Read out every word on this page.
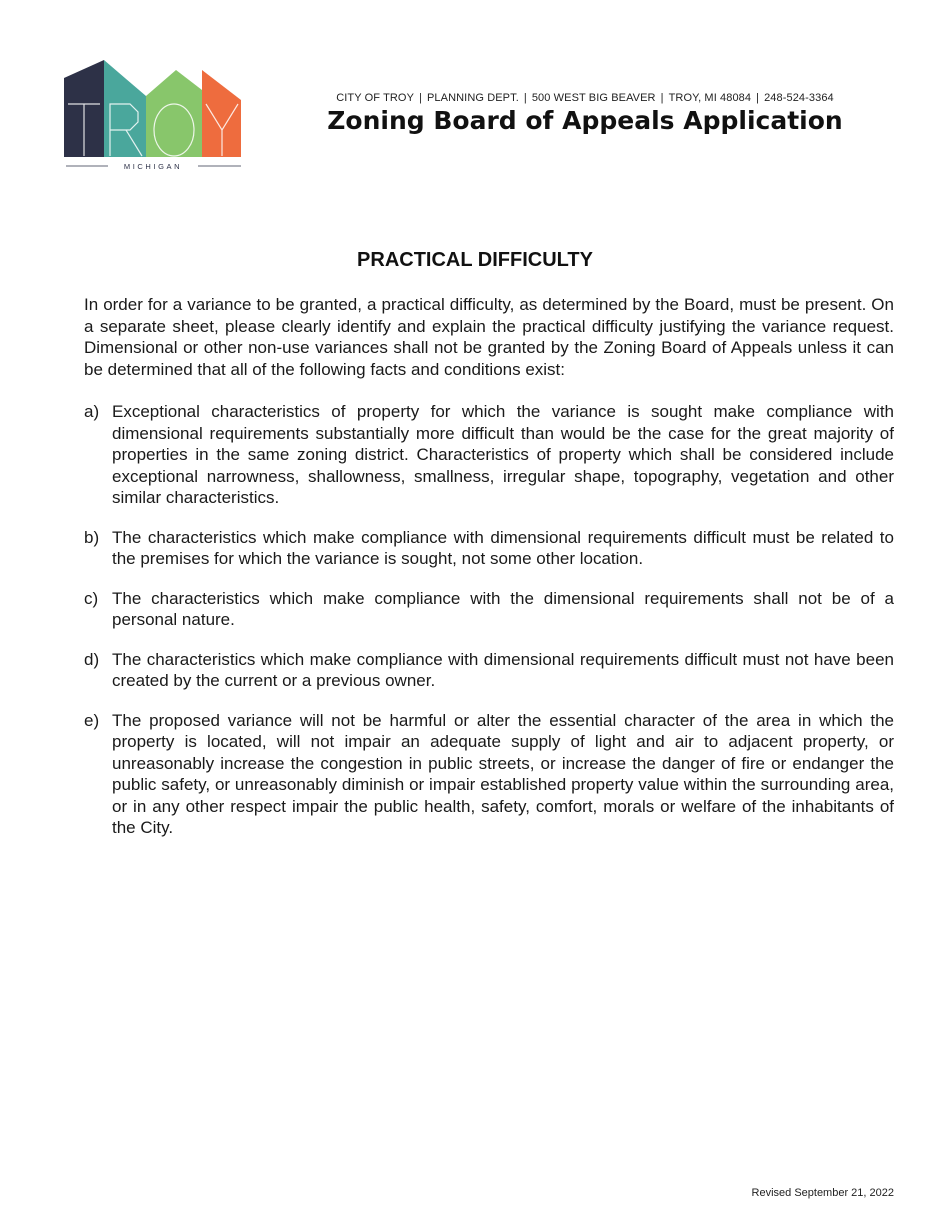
MICHIGAN
CITY OF TROY | PLANNING DEPT. | 500 WEST BIG BEAVER | TROY, MI 48084 | 248-524-3364
Zoning Board of Appeals Application
PRACTICAL DIFFICULTY
In order for a variance to be granted, a practical difficulty, as determined by the Board, must be present. On a separate sheet, please clearly identify and explain the practical difficulty justifying the variance request. Dimensional or other non-use variances shall not be granted by the Zoning Board of Appeals unless it can be determined that all of the following facts and conditions exist:
a) Exceptional characteristics of property for which the variance is sought make compliance with dimensional requirements substantially more difficult than would be the case for the great majority of properties in the same zoning district. Characteristics of property which shall be considered include exceptional narrowness, shallowness, smallness, irregular shape, topography, vegetation and other similar characteristics.
b) The characteristics which make compliance with dimensional requirements difficult must be related to the premises for which the variance is sought, not some other location.
c) The characteristics which make compliance with the dimensional requirements shall not be of a personal nature.
d) The characteristics which make compliance with dimensional requirements difficult must not have been created by the current or a previous owner.
e) The proposed variance will not be harmful or alter the essential character of the area in which the property is located, will not impair an adequate supply of light and air to adjacent property, or unreasonably increase the congestion in public streets, or increase the danger of fire or endanger the public safety, or unreasonably diminish or impair established property value within the surrounding area, or in any other respect impair the public health, safety, comfort, morals or welfare of the inhabitants of the City.
Revised September 21, 2022
